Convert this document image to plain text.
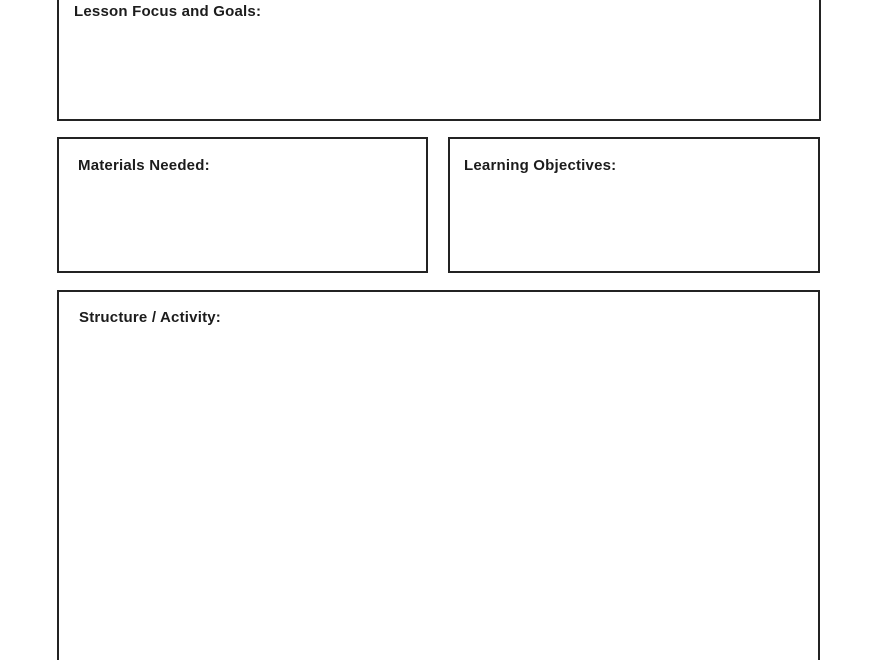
Lesson Focus and Goals:
Materials Needed:	Learning Objectives:
Structure / Activity:
